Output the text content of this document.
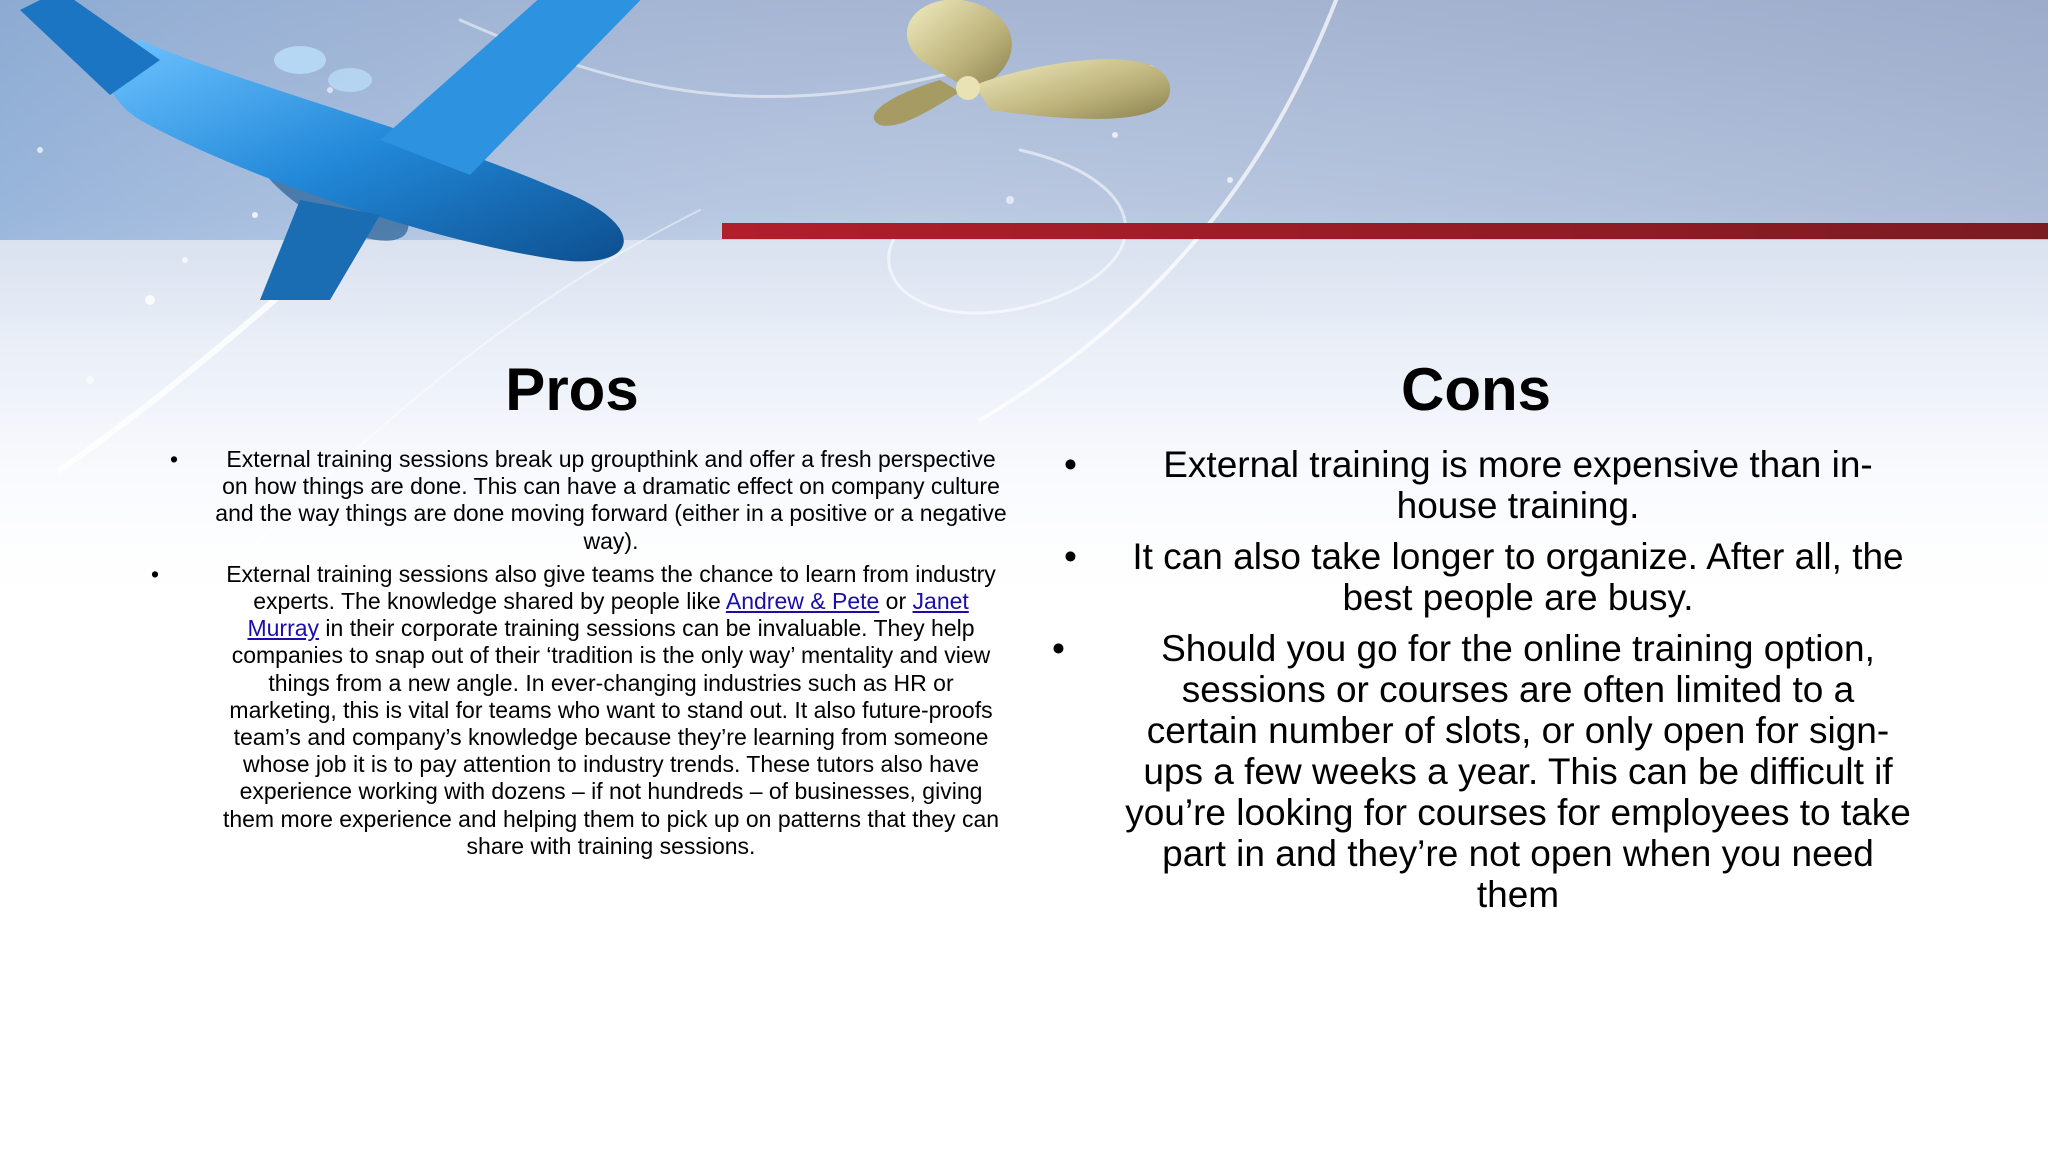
Pros	Cons
• External training sessions break up groupthink and offer a fresh perspective on how things are done. This can have a dramatic effect on company culture and the way things are done moving forward (either in a positive or a negative way).
•	External training sessions also give teams the chance to learn from industry experts. The knowledge shared by people like Andrew & Pete or Janet Murray in their corporate training sessions can be invaluable. They help companies to snap out of their ‘tradition is the only way’ mentality and view things from a new angle. In ever-changing industries such as HR or marketing, this is vital for teams who want to stand out. It also future-proofs team’s and company’s knowledge because they’re learning from someone whose job it is to pay attention to industry trends. These tutors also have experience working with dozens – if not hundreds – of businesses, giving them more experience and helping them to pick up on patterns that they can share with training sessions.
• External training is more expensive than in-house training.
• It can also take longer to organize. After all, the best people are busy.
•	Should you go for the online training option, sessions or courses are often limited to a certain number of slots, or only open for sign-ups a few weeks a year. This can be difficult if you’re looking for courses for employees to take part in and they’re not open when you need them
